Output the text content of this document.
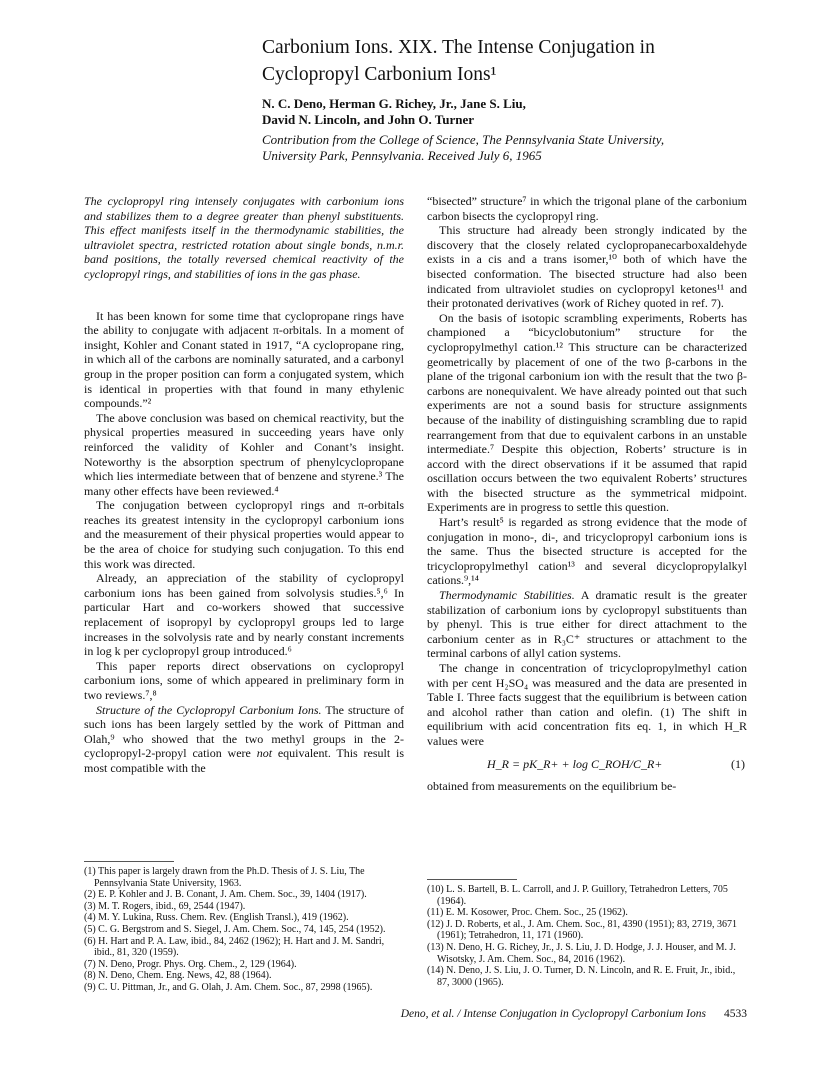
Carbonium Ions. XIX. The Intense Conjugation in
Cyclopropyl Carbonium Ions¹
N. C. Deno, Herman G. Richey, Jr., Jane S. Liu,
David N. Lincoln, and John O. Turner
Contribution from the College of Science, The Pennsylvania State University,
University Park, Pennsylvania. Received July 6, 1965
The cyclopropyl ring intensely conjugates with carbonium ions and stabilizes them to a degree greater than phenyl substituents. This effect manifests itself in the thermodynamic stabilities, the ultraviolet spectra, restricted rotation about single bonds, n.m.r. band positions, the totally reversed chemical reactivity of the cyclopropyl rings, and stabilities of ions in the gas phase.

It has been known for some time that cyclopropane rings have the ability to conjugate with adjacent π-orbitals. In a moment of insight, Kohler and Conant stated in 1917, “A cyclopropane ring, in which all of the carbons are nominally saturated, and a carbonyl group in the proper position can form a conjugated system, which is identical in properties with that found in many ethylenic compounds.”²

The above conclusion was based on chemical reactivity, but the physical properties measured in succeeding years have only reinforced the validity of Kohler and Conant’s insight. Noteworthy is the absorption spectrum of phenylcyclopropane which lies intermediate between that of benzene and styrene.³ The many other effects have been reviewed.⁴

The conjugation between cyclopropyl rings and π-orbitals reaches its greatest intensity in the cyclopropyl carbonium ions and the measurement of their physical properties would appear to be the area of choice for studying such conjugation. To this end this work was directed.

Already, an appreciation of the stability of cyclopropyl carbonium ions has been gained from solvolysis studies.⁵,⁶ In particular Hart and co-workers showed that successive replacement of isopropyl by cyclopropyl groups led to large increases in the solvolysis rate and by nearly constant increments in log k per cyclopropyl group introduced.⁶

This paper reports direct observations on cyclopropyl carbonium ions, some of which appeared in preliminary form in two reviews.⁷,⁸

Structure of the Cyclopropyl Carbonium Ions. The structure of such ions has been largely settled by the work of Pittman and Olah,⁹ who showed that the two methyl groups in the 2-cyclopropyl-2-propyl cation were not equivalent. This result is most compatible with the

(1) This paper is largely drawn from the Ph.D. Thesis of J. S. Liu, The Pennsylvania State University, 1963.
(2) E. P. Kohler and J. B. Conant, J. Am. Chem. Soc., 39, 1404 (1917).
(3) M. T. Rogers, ibid., 69, 2544 (1947).
(4) M. Y. Lukina, Russ. Chem. Rev. (English Transl.), 419 (1962).
(5) C. G. Bergstrom and S. Siegel, J. Am. Chem. Soc., 74, 145, 254 (1952).
(6) H. Hart and P. A. Law, ibid., 84, 2462 (1962); H. Hart and J. M. Sandri, ibid., 81, 320 (1959).
(7) N. Deno, Progr. Phys. Org. Chem., 2, 129 (1964).
(8) N. Deno, Chem. Eng. News, 42, 88 (1964).
(9) C. U. Pittman, Jr., and G. Olah, J. Am. Chem. Soc., 87, 2998 (1965).

“bisected” structure⁷ in which the trigonal plane of the carbonium carbon bisects the cyclopropyl ring.

This structure had already been strongly indicated by the discovery that the closely related cyclopropanecarboxaldehyde exists in a cis and a trans isomer,¹⁰ both of which have the bisected conformation. The bisected structure had also been indicated from ultraviolet studies on cyclopropyl ketones¹¹ and their protonated derivatives (work of Richey quoted in ref. 7).

On the basis of isotopic scrambling experiments, Roberts has championed a “bicyclobutonium” structure for the cyclopropylmethyl cation.¹² This structure can be characterized geometrically by placement of one of the two β-carbons in the plane of the trigonal carbonium ion with the result that the two β-carbons are nonequivalent. We have already pointed out that such experiments are not a sound basis for structure assignments because of the inability of distinguishing scrambling due to rapid rearrangement from that due to equivalent carbons in an unstable intermediate.⁷ Despite this objection, Roberts’ structure is in accord with the direct observations if it be assumed that rapid oscillation occurs between the two equivalent Roberts’ structures with the bisected structure as the symmetrical midpoint. Experiments are in progress to settle this question.

Hart’s result⁵ is regarded as strong evidence that the mode of conjugation in mono-, di-, and tricyclopropyl carbonium ions is the same. Thus the bisected structure is accepted for the tricyclopropylmethyl cation¹³ and several dicyclopropylalkyl cations.⁹,¹⁴

Thermodynamic Stabilities. A dramatic result is the greater stabilization of carbonium ions by cyclopropyl substituents than by phenyl. This is true either for direct attachment to the carbonium center as in R₃C⁺ structures or attachment to the terminal carbons of allyl cation systems.

The change in concentration of tricyclopropylmethyl cation with per cent H₂SO₄ was measured and the data are presented in Table I. Three facts suggest that the equilibrium is between cation and alcohol rather than cation and olefin. (1) The shift in equilibrium with acid concentration fits eq. 1, in which H_R values were

H_R = pK_R+ + log C_ROH/C_R+	(1)

obtained from measurements on the equilibrium be-

(10) L. S. Bartell, B. L. Carroll, and J. P. Guillory, Tetrahedron Letters, 705 (1964).
(11) E. M. Kosower, Proc. Chem. Soc., 25 (1962).
(12) J. D. Roberts, et al., J. Am. Chem. Soc., 81, 4390 (1951); 83, 2719, 3671 (1961); Tetrahedron, 11, 171 (1960).
(13) N. Deno, H. G. Richey, Jr., J. S. Liu, J. D. Hodge, J. J. Houser, and M. J. Wisotsky, J. Am. Chem. Soc., 84, 2016 (1962).
(14) N. Deno, J. S. Liu, J. O. Turner, D. N. Lincoln, and R. E. Fruit, Jr., ibid., 87, 3000 (1965).
Deno, et al. / Intense Conjugation in Cyclopropyl Carbonium Ions 4533
